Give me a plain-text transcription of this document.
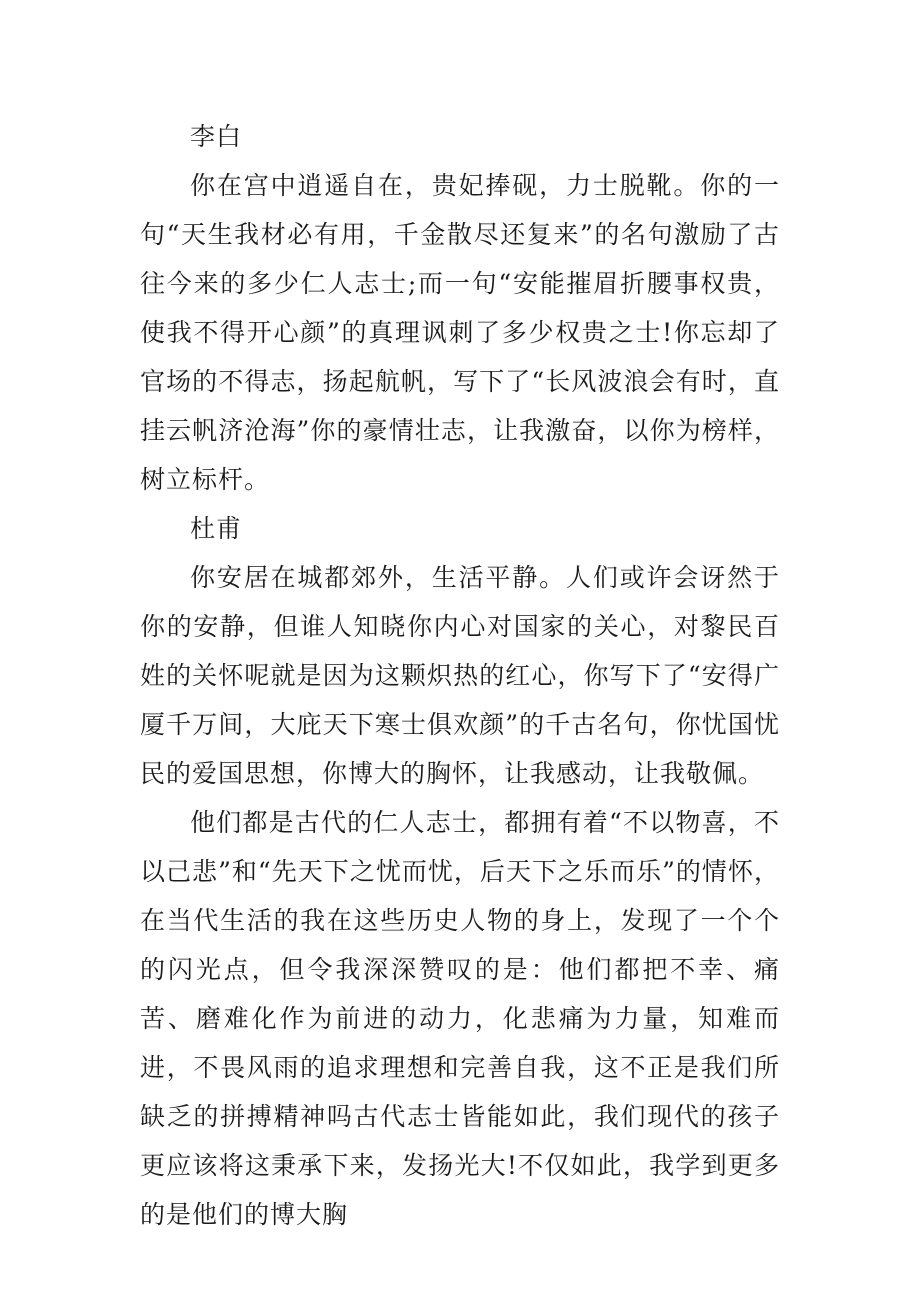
李白

你在宫中逍遥自在，贵妃捧砚，力士脱靴。你的一句“天生我材必有用，千金散尽还复来”的名句激励了古往今来的多少仁人志士;而一句“安能摧眉折腰事权贵，使我不得开心颜”的真理讽刺了多少权贵之士!你忘却了官场的不得志，扬起航帆，写下了“长风波浪会有时，直挂云帆济沧海”你的豪情壮志，让我激奋，以你为榜样，树立标杆。

杜甫

你安居在城都郊外，生活平静。人们或许会讶然于你的安静，但谁人知晓你内心对国家的关心，对黎民百姓的关怀呢就是因为这颗炽热的红心，你写下了“安得广厦千万间，大庇天下寒士俱欢颜”的千古名句，你忧国忧民的爱国思想，你博大的胸怀，让我感动，让我敬佩。

他们都是古代的仁人志士，都拥有着“不以物喜，不以己悲”和“先天下之忧而忧，后天下之乐而乐”的情怀，在当代生活的我在这些历史人物的身上，发现了一个个的闪光点，但令我深深赞叹的是：他们都把不幸、痛苦、磨难化作为前进的动力，化悲痛为力量，知难而进，不畏风雨的追求理想和完善自我，这不正是我们所缺乏的拼搏精神吗古代志士皆能如此，我们现代的孩子更应该将这秉承下来，发扬光大!不仅如此，我学到更多的是他们的博大胸
